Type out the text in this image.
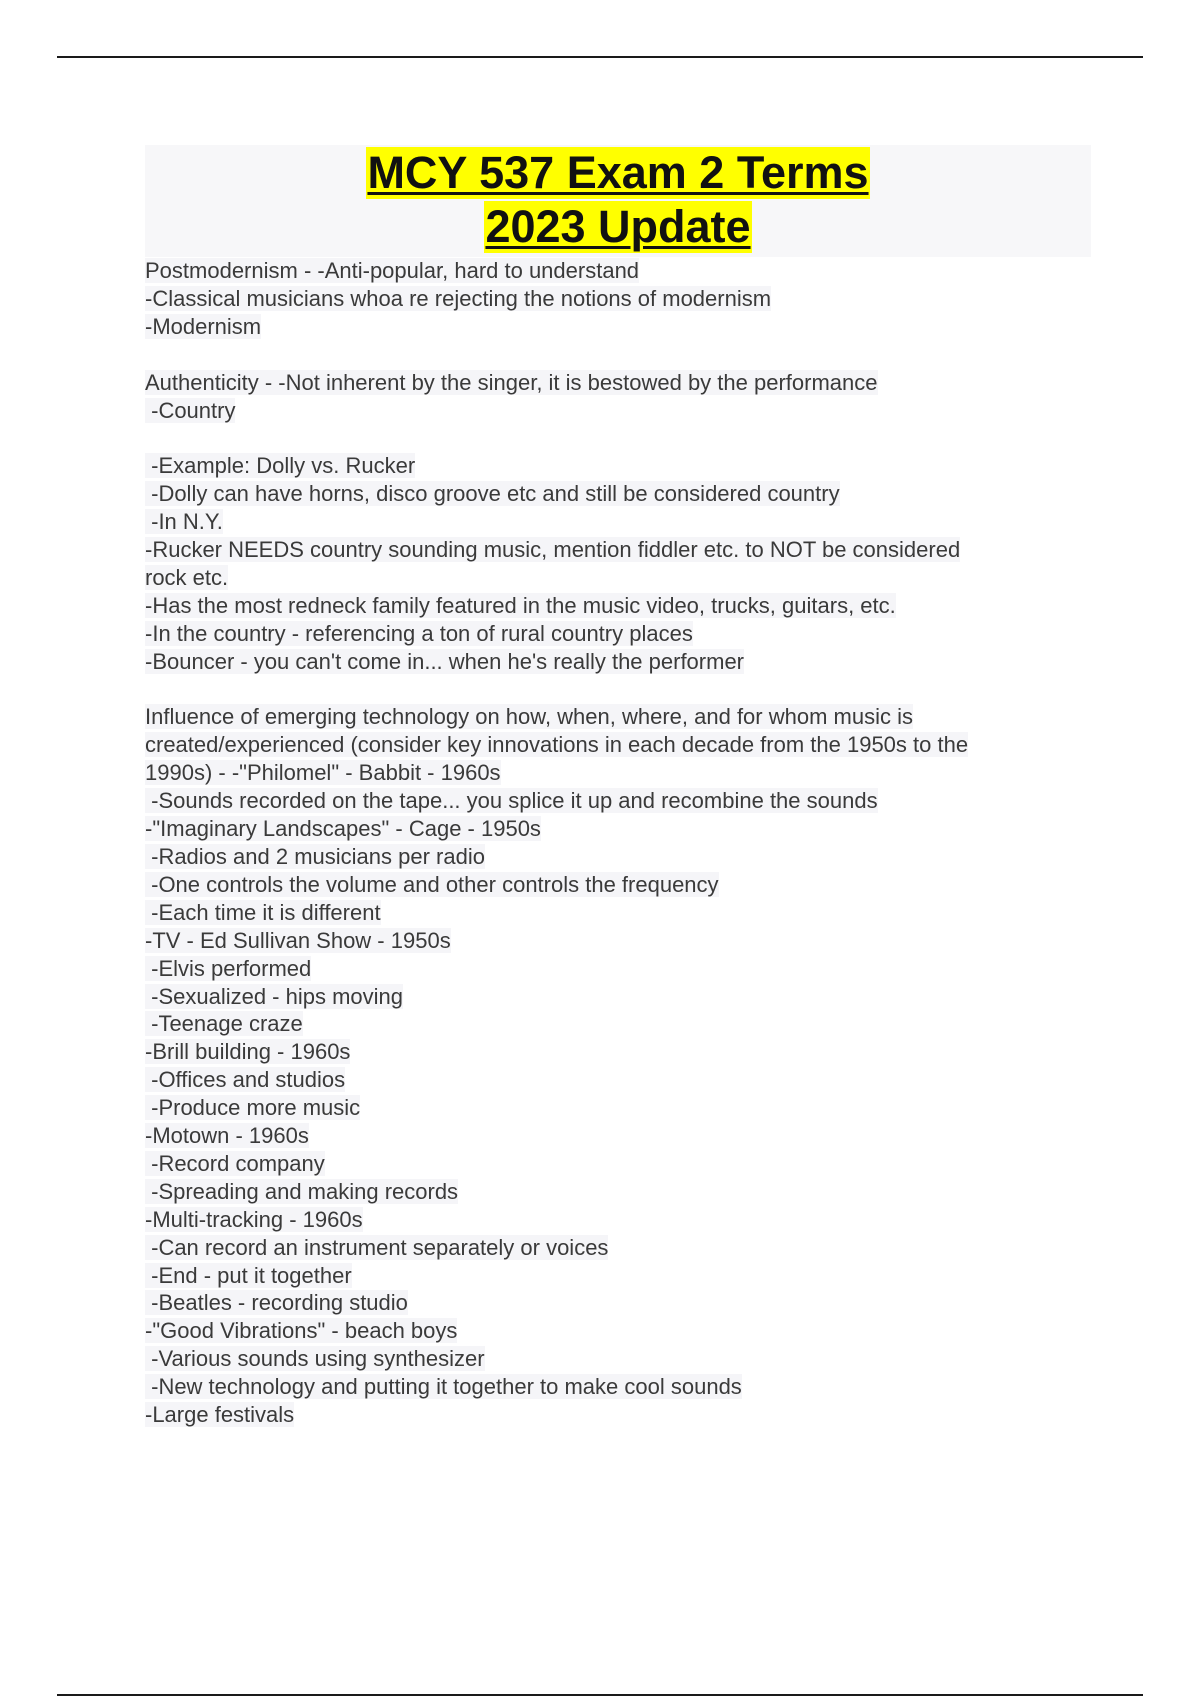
MCY 537 Exam 2 Terms
2023 Update
Postmodernism - -Anti-popular, hard to understand
-Classical musicians whoa re rejecting the notions of modernism
-Modernism
Authenticity - -Not inherent by the singer, it is bestowed by the performance
-Country
-Example: Dolly vs. Rucker
-Dolly can have horns, disco groove etc and still be considered country
-In N.Y.
-Rucker NEEDS country sounding music, mention fiddler etc. to NOT be considered
rock etc.
-Has the most redneck family featured in the music video, trucks, guitars, etc.
-In the country - referencing a ton of rural country places
-Bouncer - you can't come in... when he's really the performer
Influence of emerging technology on how, when, where, and for whom music is
created/experienced (consider key innovations in each decade from the 1950s to the
1990s) - -"Philomel" - Babbit - 1960s
-Sounds recorded on the tape... you splice it up and recombine the sounds
-"Imaginary Landscapes" - Cage - 1950s
-Radios and 2 musicians per radio
-One controls the volume and other controls the frequency
-Each time it is different
-TV - Ed Sullivan Show - 1950s
-Elvis performed
-Sexualized - hips moving
-Teenage craze
-Brill building - 1960s
-Offices and studios
-Produce more music
-Motown - 1960s
-Record company
-Spreading and making records
-Multi-tracking - 1960s
-Can record an instrument separately or voices
-End - put it together
-Beatles - recording studio
-"Good Vibrations" - beach boys
-Various sounds using synthesizer
-New technology and putting it together to make cool sounds
-Large festivals
